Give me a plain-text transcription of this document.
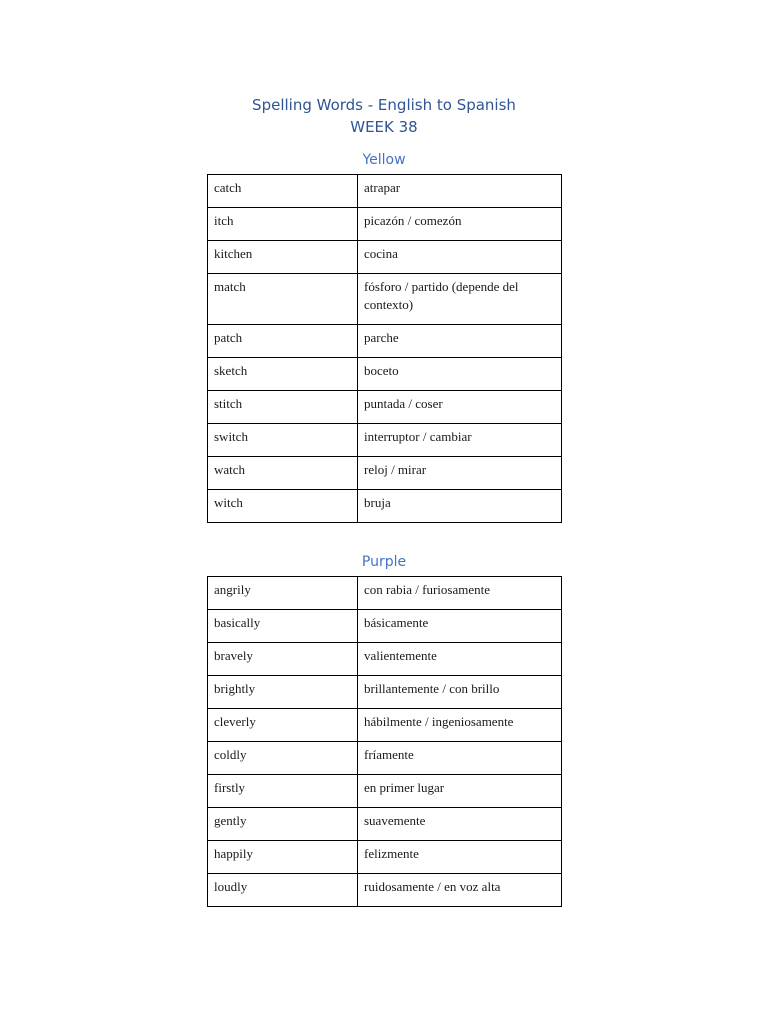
Spelling Words - English to Spanish
WEEK 38
Yellow
catch	atrapar
itch	picazón / comezón
kitchen	cocina
match	fósforo / partido (depende del contexto)
patch	parche
sketch	boceto
stitch	puntada / coser
switch	interruptor / cambiar
watch	reloj / mirar
witch	bruja
Purple
angrily	con rabia / furiosamente
basically	básicamente
bravely	valientemente
brightly	brillantemente / con brillo
cleverly	hábilmente / ingeniosamente
coldly	fríamente
firstly	en primer lugar
gently	suavemente
happily	felizmente
loudly	ruidosamente / en voz alta
